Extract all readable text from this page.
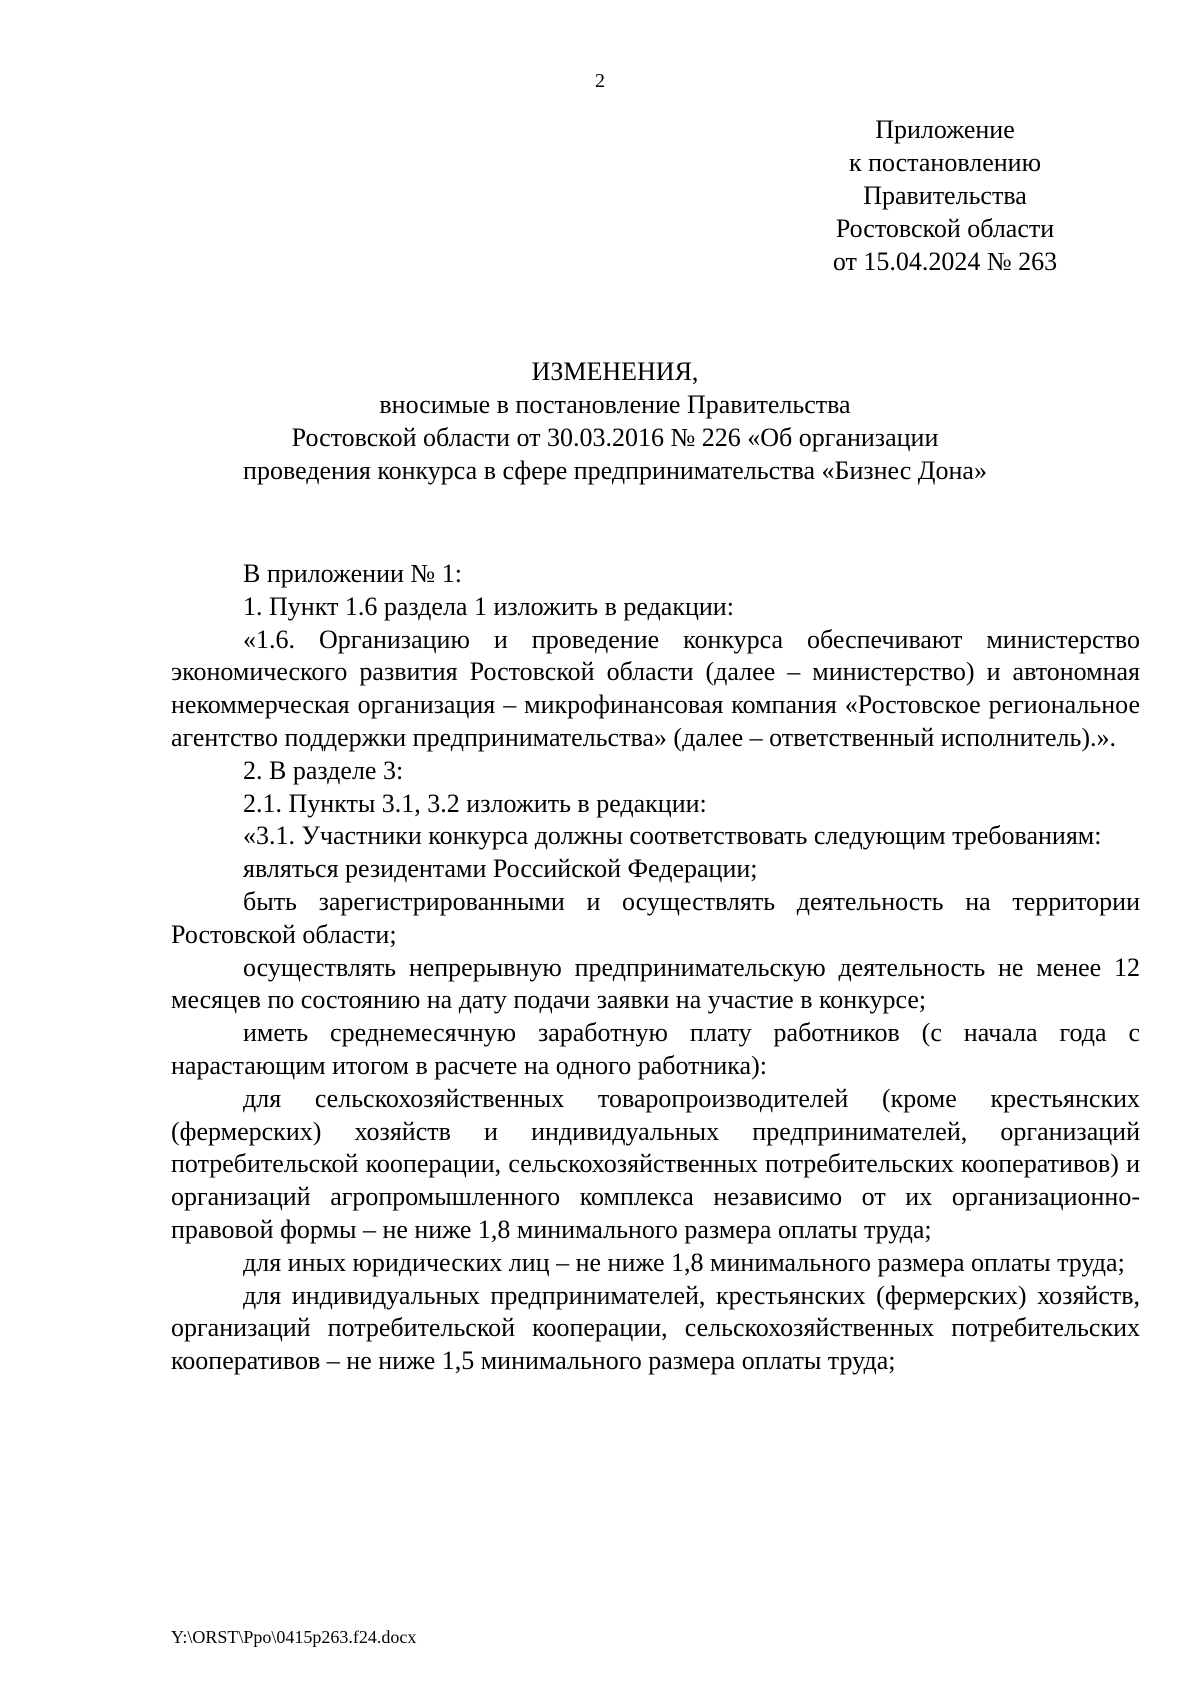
2
Приложение
к постановлению
Правительства
Ростовской области
от 15.04.2024 № 263
ИЗМЕНЕНИЯ,
вносимые в постановление Правительства
Ростовской области от 30.03.2016 № 226 «Об организации
проведения конкурса в сфере предпринимательства «Бизнес Дона»

В приложении № 1:

1. Пункт 1.6 раздела 1 изложить в редакции:

«1.6. Организацию и проведение конкурса обеспечивают министерство экономического развития Ростовской области (далее – министерство) и автономная некоммерческая организация – микрофинансовая компания «Ростовское региональное агентство поддержки предпринимательства» (далее – ответственный исполнитель).».

2. В разделе 3:

2.1. Пункты 3.1, 3.2 изложить в редакции:

«3.1. Участники конкурса должны соответствовать следующим требованиям:

являться резидентами Российской Федерации;

быть зарегистрированными и осуществлять деятельность на территории Ростовской области;

осуществлять непрерывную предпринимательскую деятельность не менее 12 месяцев по состоянию на дату подачи заявки на участие в конкурсе;

иметь среднемесячную заработную плату работников (с начала года с нарастающим итогом в расчете на одного работника):

для сельскохозяйственных товаропроизводителей (кроме крестьянских (фермерских) хозяйств и индивидуальных предпринимателей, организаций потребительской кооперации, сельскохозяйственных потребительских кооперативов) и организаций агропромышленного комплекса независимо от их организационно-правовой формы – не ниже 1,8 минимального размера оплаты труда;

для иных юридических лиц – не ниже 1,8 минимального размера оплаты труда;

для индивидуальных предпринимателей, крестьянских (фермерских) хозяйств, организаций потребительской кооперации, сельскохозяйственных потребительских кооперативов – не ниже 1,5 минимального размера оплаты труда;

Y:\ORST\Ppo\0415p263.f24.docx
